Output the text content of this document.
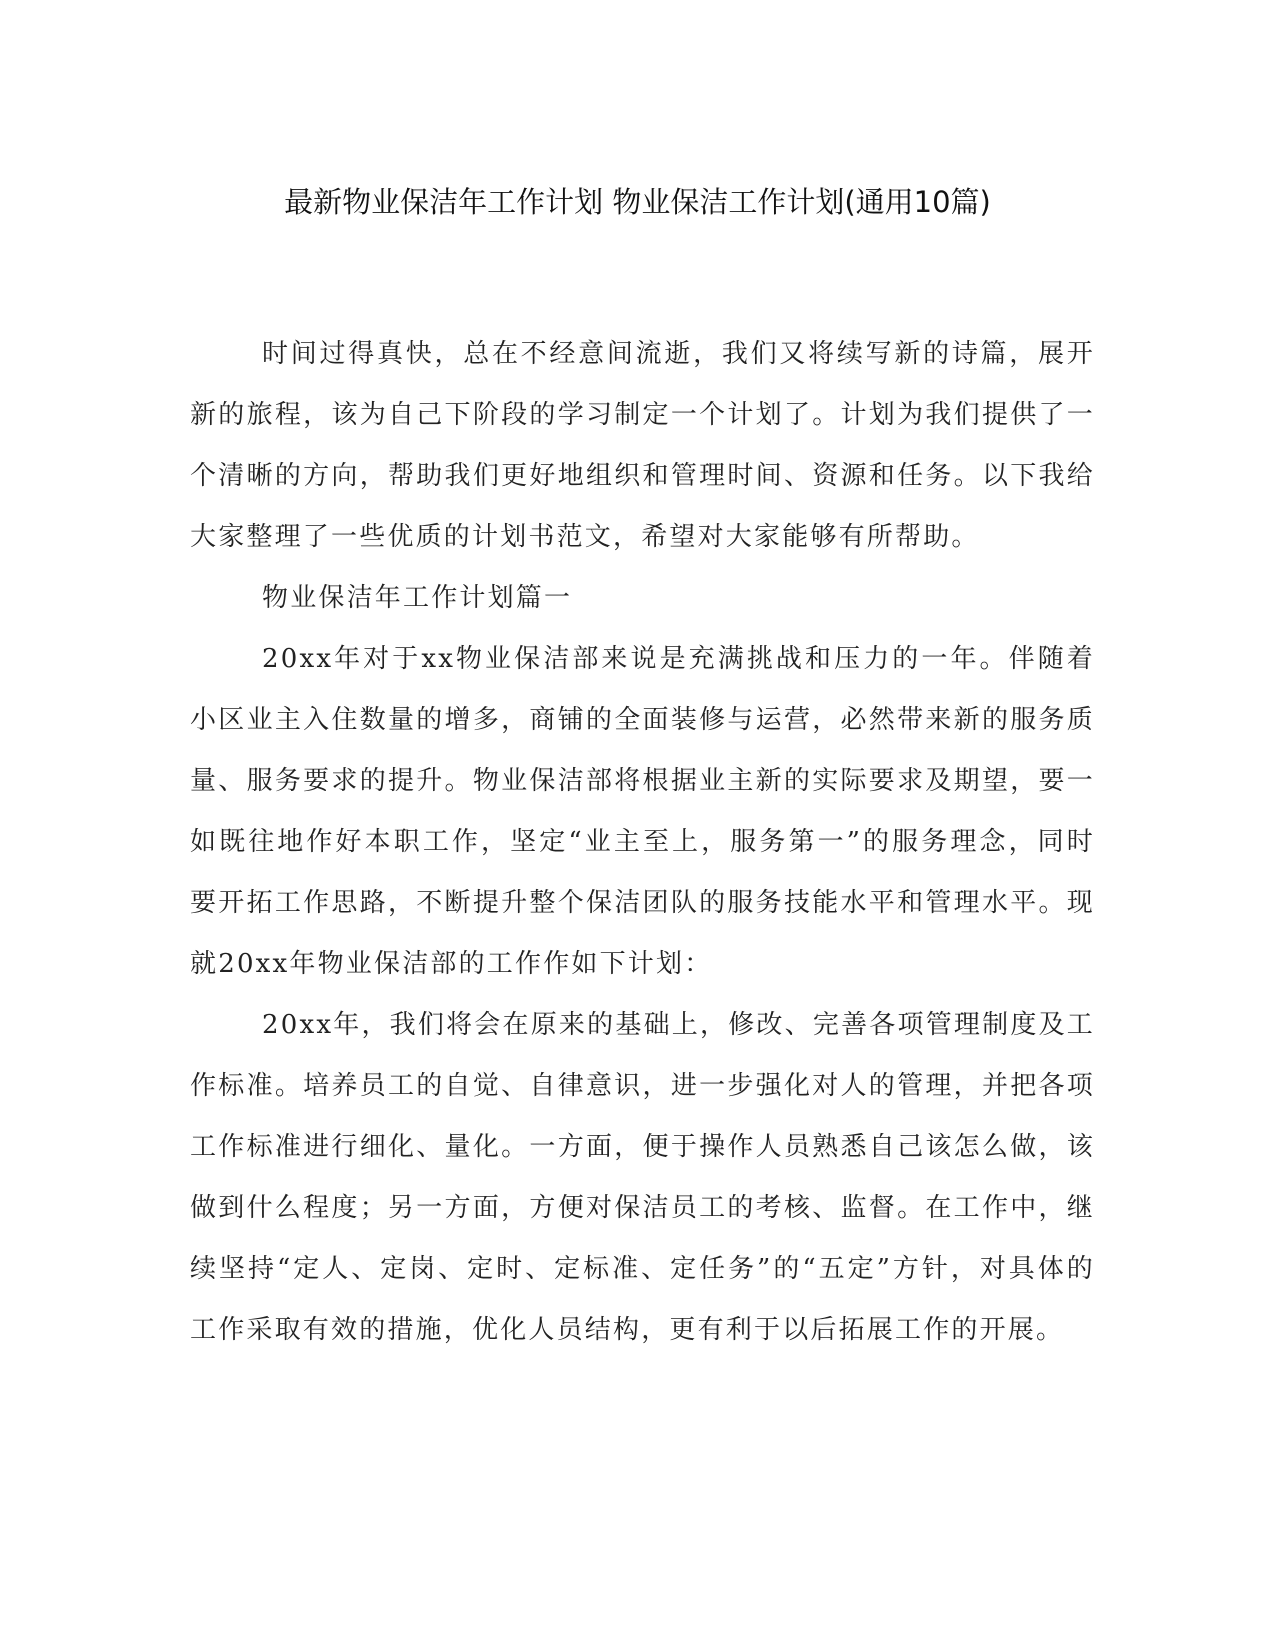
最新物业保洁年工作计划 物业保洁工作计划(通用10篇)

时间过得真快，总在不经意间流逝，我们又将续写新的诗篇，展开新的旅程，该为自己下阶段的学习制定一个计划了。计划为我们提供了一个清晰的方向，帮助我们更好地组织和管理时间、资源和任务。以下我给大家整理了一些优质的计划书范文，希望对大家能够有所帮助。

物业保洁年工作计划篇一

20xx年对于xx物业保洁部来说是充满挑战和压力的一年。伴随着小区业主入住数量的增多，商铺的全面装修与运营，必然带来新的服务质量、服务要求的提升。物业保洁部将根据业主新的实际要求及期望，要一如既往地作好本职工作，坚定“业主至上，服务第一”的服务理念，同时要开拓工作思路，不断提升整个保洁团队的服务技能水平和管理水平。现就20xx年物业保洁部的工作作如下计划：

20xx年，我们将会在原来的基础上，修改、完善各项管理制度及工作标准。培养员工的自觉、自律意识，进一步强化对人的管理，并把各项工作标准进行细化、量化。一方面，便于操作人员熟悉自己该怎么做，该做到什么程度；另一方面，方便对保洁员工的考核、监督。在工作中，继续坚持“定人、定岗、定时、定标准、定任务”的“五定”方针，对具体的工作采取有效的措施，优化人员结构，更有利于以后拓展工作的开展。
